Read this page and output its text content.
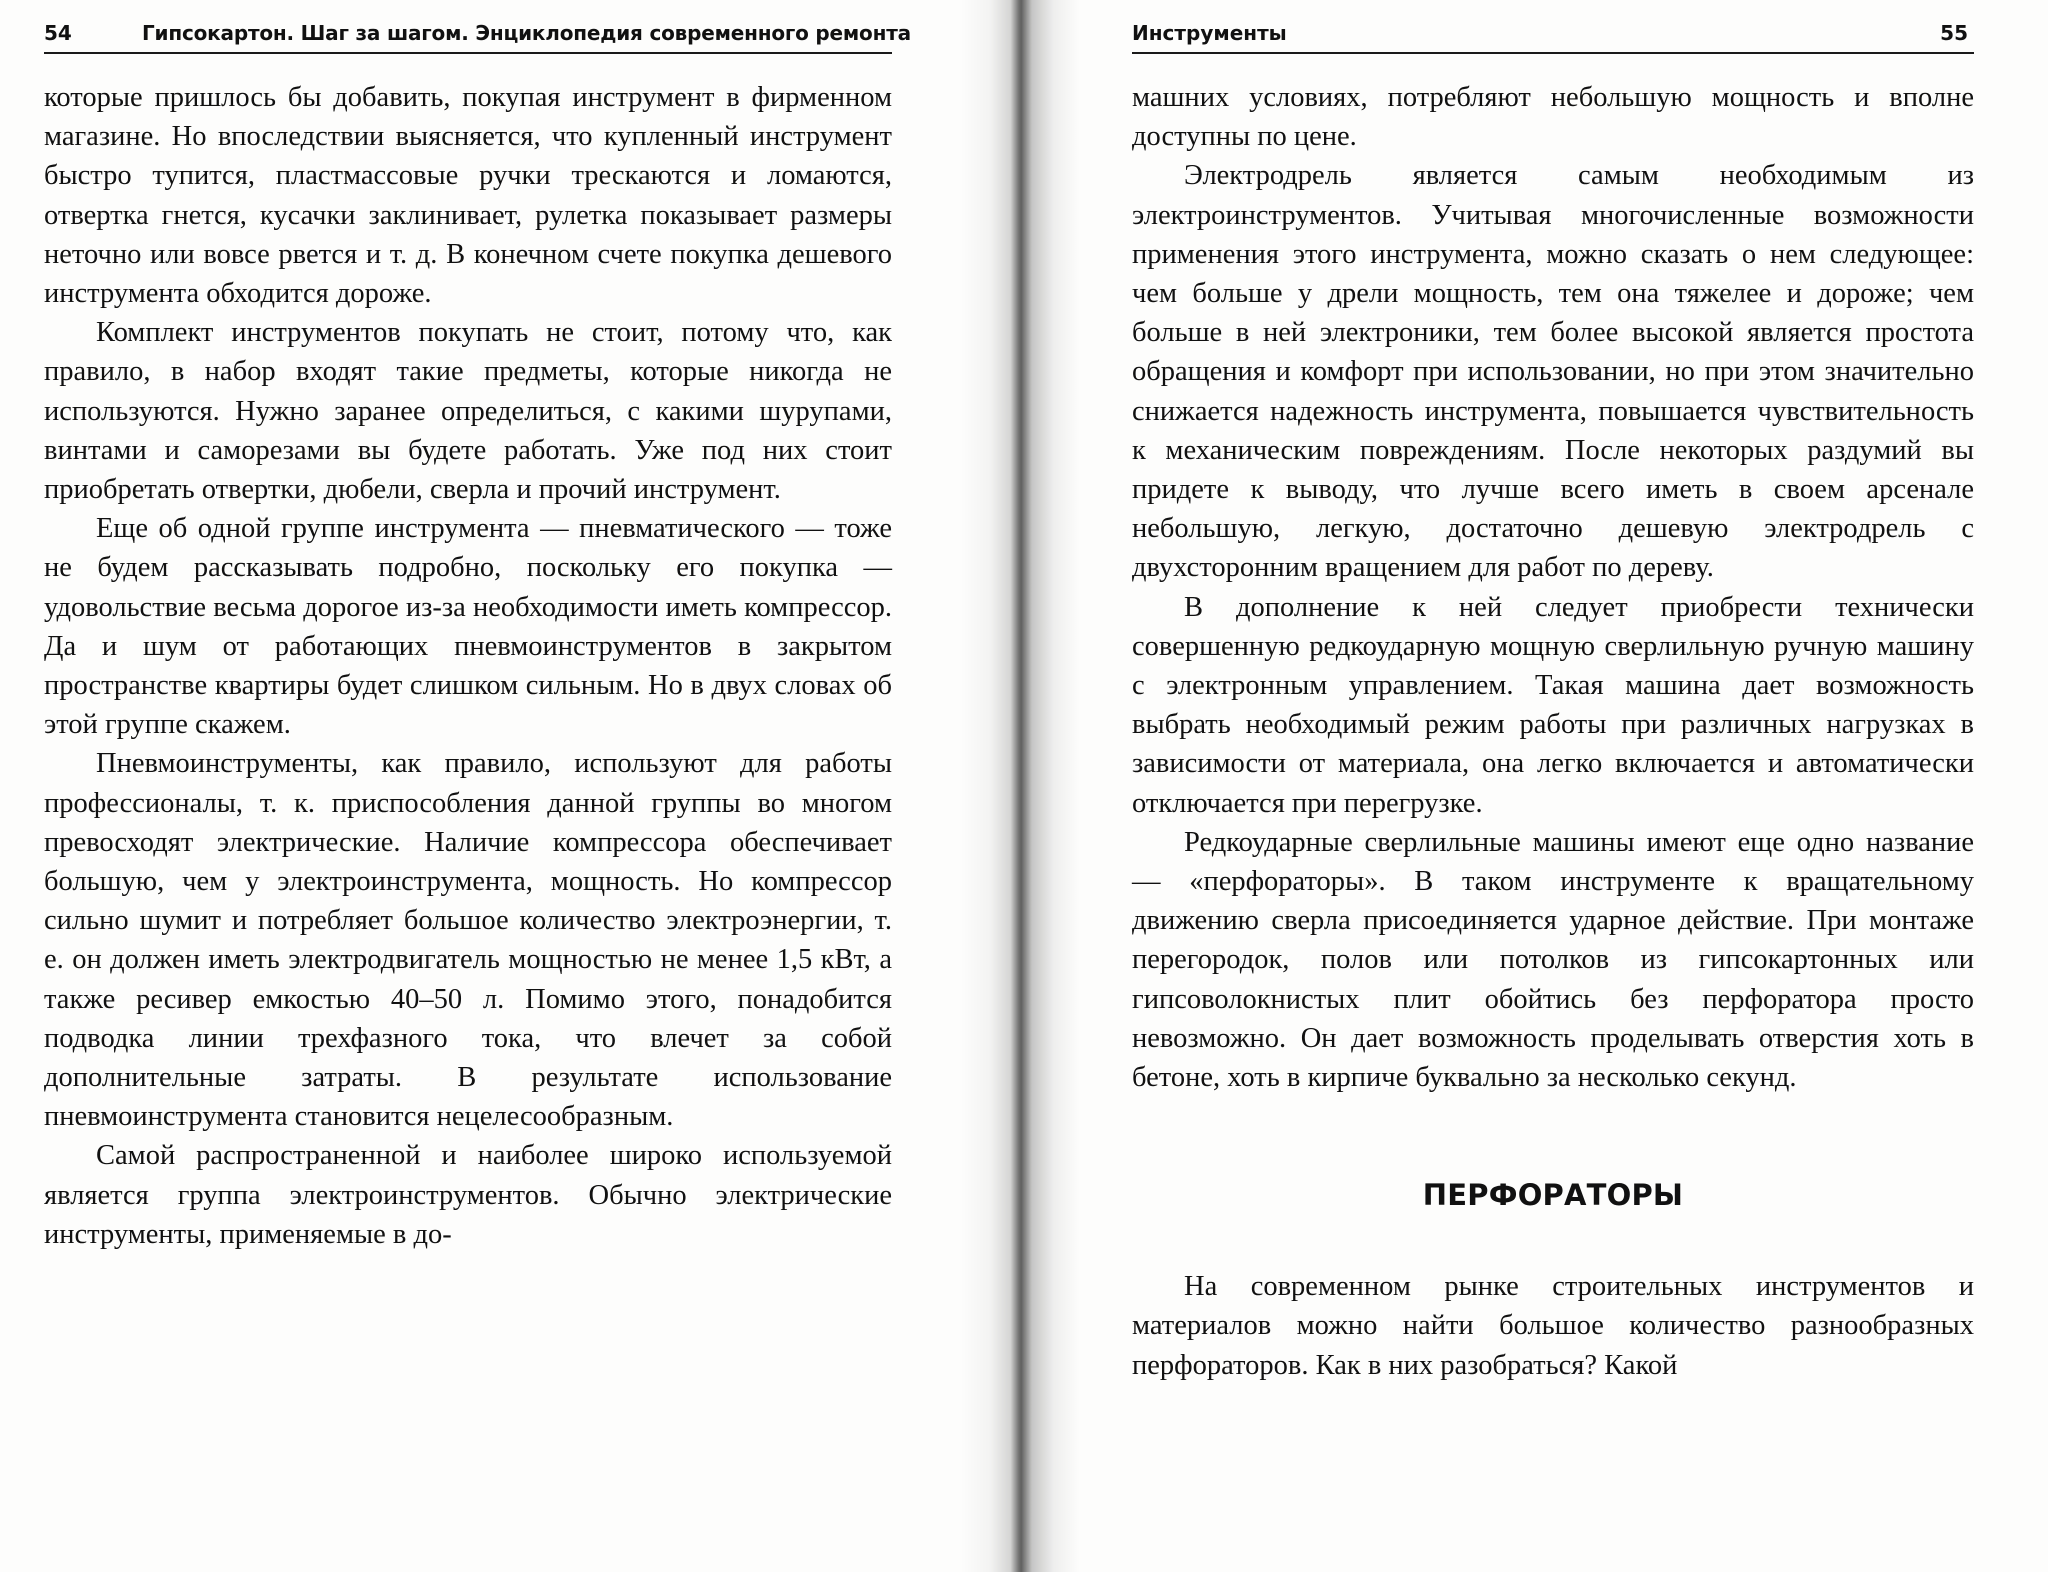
54	Гипсокартон. Шаг за шагом. Энциклопедия современного ремонта

которые пришлось бы добавить, покупая инструмент в фирменном магазине. Но впоследствии выясняется, что купленный инструмент быстро тупится, пластмассовые ручки трескаются и ломаются, отвертка гнется, кусачки заклинивает, рулетка показывает размеры неточно или вовсе рвется и т. д. В конечном счете покупка дешевого инструмента обходится дороже.

Комплект инструментов покупать не стоит, потому что, как правило, в набор входят такие предметы, которые никогда не используются. Нужно заранее определиться, с какими шурупами, винтами и саморезами вы будете работать. Уже под них стоит приобретать отвертки, дюбели, сверла и прочий инструмент.

Еще об одной группе инструмента — пневматического — тоже не будем рассказывать подробно, поскольку его покупка — удовольствие весьма дорогое из-за необходимости иметь компрессор. Да и шум от работающих пневмоинструментов в закрытом пространстве квартиры будет слишком сильным. Но в двух словах об этой группе скажем.

Пневмоинструменты, как правило, используют для работы профессионалы, т. к. приспособления данной группы во многом превосходят электрические. Наличие компрессора обеспечивает большую, чем у электроинструмента, мощность. Но компрессор сильно шумит и потребляет большое количество электроэнергии, т. е. он должен иметь электродвигатель мощностью не менее 1,5 кВт, а также ресивер емкостью 40–50 л. Помимо этого, понадобится подводка линии трехфазного тока, что влечет за собой дополнительные затраты. В результате использование пневмоинструмента становится нецелесообразным.

Самой распространенной и наиболее широко используемой является группа электроинструментов. Обычно электрические инструменты, применяемые в до-

Инструменты	55

машних условиях, потребляют небольшую мощность и вполне доступны по цене.

Электродрель является самым необходимым из электроинструментов. Учитывая многочисленные возможности применения этого инструмента, можно сказать о нем следующее: чем больше у дрели мощность, тем она тяжелее и дороже; чем больше в ней электроники, тем более высокой является простота обращения и комфорт при использовании, но при этом значительно снижается надежность инструмента, повышается чувствительность к механическим повреждениям. После некоторых раздумий вы придете к выводу, что лучше всего иметь в своем арсенале небольшую, легкую, достаточно дешевую электродрель с двухсторонним вращением для работ по дереву.

В дополнение к ней следует приобрести технически совершенную редкоударную мощную сверлильную ручную машину с электронным управлением. Такая машина дает возможность выбрать необходимый режим работы при различных нагрузках в зависимости от материала, она легко включается и автоматически отключается при перегрузке.

Редкоударные сверлильные машины имеют еще одно название — «перфораторы». В таком инструменте к вращательному движению сверла присоединяется ударное действие. При монтаже перегородок, полов или потолков из гипсокартонных или гипсоволокнистых плит обойтись без перфоратора просто невозможно. Он дает возможность проделывать отверстия хоть в бетоне, хоть в кирпиче буквально за несколько секунд.

ПЕРФОРАТОРЫ

На современном рынке строительных инструментов и материалов можно найти большое количество разнообразных перфораторов. Как в них разобраться? Какой
